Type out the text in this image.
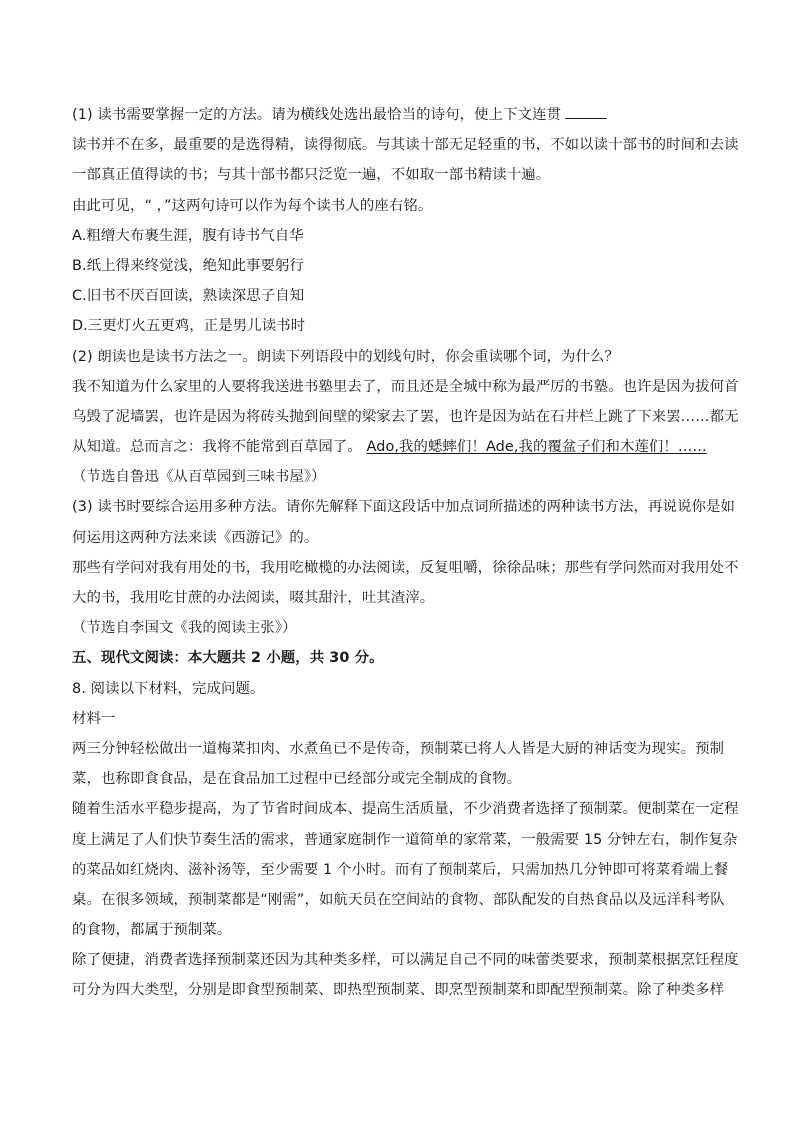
(1) 读书需要掌握一定的方法。请为横线处选出最恰当的诗句，使上下文连贯
读书并不在多，最重要的是选得精，读得彻底。与其读十部无足轻重的书，不如以读十部书的时间和去读
一部真正值得读的书；与其十部书都只泛览一遍，不如取一部书精读十遍。
由此可见，“ ，”这两句诗可以作为每个读书人的座右铭。
A.粗缯大布裹生涯，腹有诗书气自华
B.纸上得来终觉浅，绝知此事要躬行
C.旧书不厌百回读，熟读深思子自知
D.三更灯火五更鸡，正是男儿读书时
(2) 朗读也是读书方法之一。朗读下列语段中的划线句时，你会重读哪个词，为什么？
我不知道为什么家里的人要将我送进书塾里去了，而且还是全城中称为最严厉的书塾。也许是因为拔何首
乌毁了泥墙罢，也许是因为将砖头抛到间壁的梁家去了罢，也许是因为站在石井栏上跳了下来罢……都无
从知道。总而言之：我将不能常到百草园了。 Ado,我的蟋蟀们！Ade,我的覆盆子们和木莲们！……
（节选自鲁迅《从百草园到三味书屋》）
(3) 读书时要综合运用多种方法。请你先解释下面这段话中加点词所描述的两种读书方法，再说说你是如
何运用这两种方法来读《西游记》的。
那些有学问对我有用处的书，我用吃橄榄的办法阅读，反复咀嚼，徐徐品味；那些有学问然而对我用处不
大的书，我用吃甘蔗的办法阅读，啜其甜汁，吐其渣滓。
（节选自李国文《我的阅读主张》）
五、现代文阅读：本大题共 2 小题，共 30 分。
8. 阅读以下材料，完成问题。
材料一
两三分钟轻松做出一道梅菜扣肉、水煮鱼已不是传奇，预制菜已将人人皆是大厨的神话变为现实。预制
菜，也称即食食品，是在食品加工过程中已经部分或完全制成的食物。
随着生活水平稳步提高，为了节省时间成本、提高生活质量，不少消费者选择了预制菜。便制菜在一定程
度上满足了人们快节奏生活的需求，普通家庭制作一道简单的家常菜，一般需要 15 分钟左右，制作复杂
的菜品如红烧肉、滋补汤等，至少需要 1 个小时。而有了预制菜后，只需加热几分钟即可将菜肴端上餐
桌。在很多领域，预制菜都是“刚需”，如航天员在空间站的食物、部队配发的自热食品以及远洋科考队
的食物，都属于预制菜。
除了便捷，消费者选择预制菜还因为其种类多样，可以满足自己不同的味蕾类要求，预制菜根据烹饪程度
可分为四大类型，分别是即食型预制菜、即热型预制菜、即烹型预制菜和即配型预制菜。除了种类多样
